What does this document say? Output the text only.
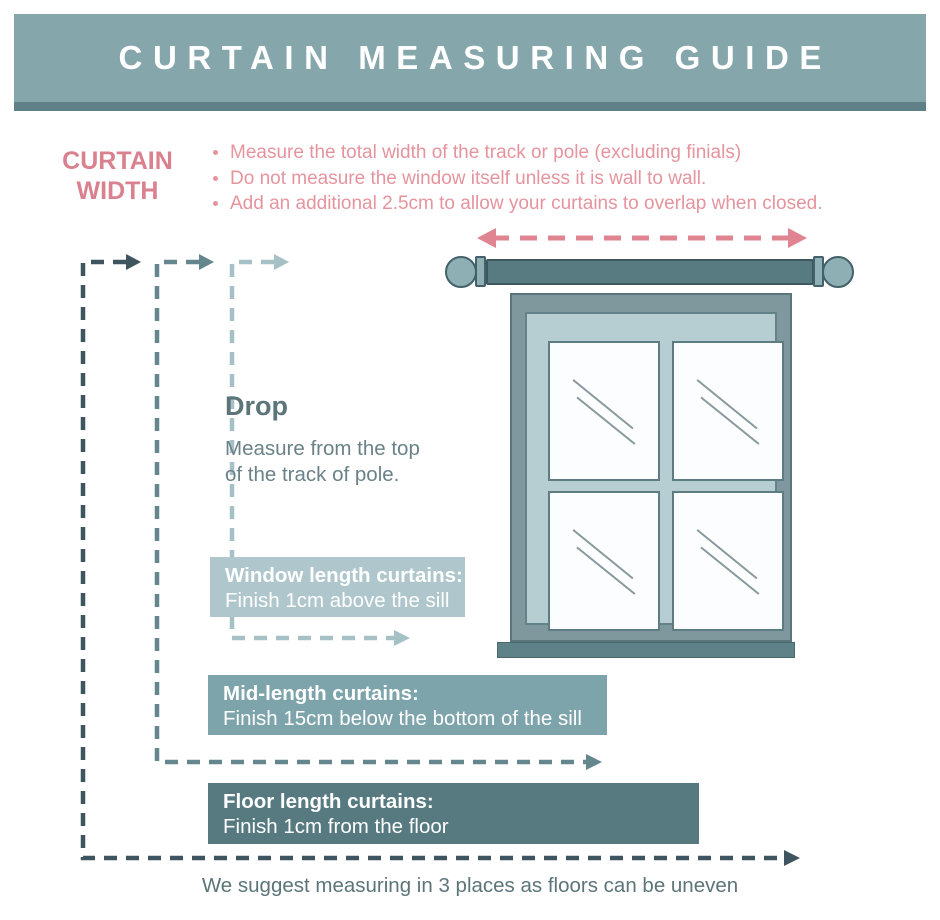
CURTAIN MEASURING GUIDE
CURTAIN
WIDTH
• Measure the total width of the track or pole (excluding finials)
• Do not measure the window itself unless it is wall to wall.
• Add an additional 2.5cm to allow your curtains to overlap when closed.
Drop
Measure from the top
of the track of pole.
Window length curtains:
Finish 1cm above the sill
Mid-length curtains:
Finish 15cm below the bottom of the sill
Floor length curtains:
Finish 1cm from the floor
We suggest measuring in 3 places as floors can be uneven
